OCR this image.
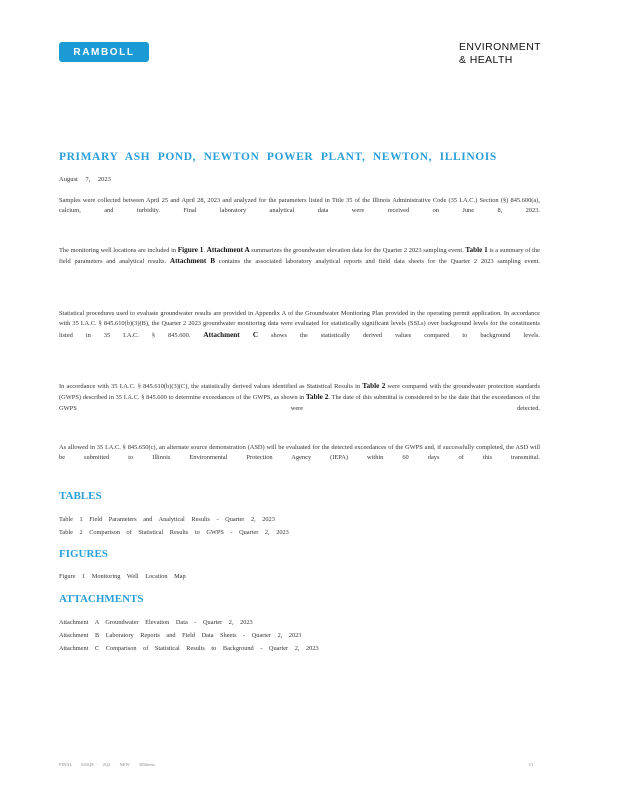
RAMBOLL	ENVIRONMENT
& HEALTH
PRIMARY ASH POND, NEWTON POWER PLANT, NEWTON, ILLINOIS
August 7, 2023
Samples were collected between April 25 and April 28, 2023 and analyzed for the parameters listed in Title 35 of the Illinois Administrative Code (35 I.A.C.) Section (§) 845.600(a), calcium, and turbidity. Final laboratory analytical data were received on June 8, 2023.
The monitoring well locations are included in Figure 1. Attachment A summarizes the groundwater elevation data for the Quarter 2 2023 sampling event. Table 1 is a summary of the field parameters and analytical results. Attachment B contains the associated laboratory analytical reports and field data sheets for the Quarter 2 2023 sampling event.
Statistical procedures used to evaluate groundwater results are provided in Appendix A of the Groundwater Monitoring Plan provided in the operating permit application. In accordance with 35 I.A.C. § 845.610(b)(3)(B), the Quarter 2 2023 groundwater monitoring data were evaluated for statistically significant levels (SSLs) over background levels for the constituents listed in 35 I.A.C. § 845.600. Attachment C shows the statistically derived values compared to background levels.
In accordance with 35 I.A.C. § 845.610(b)(3)(C), the statistically derived values identified as Statistical Results in Table 2 were compared with the groundwater protection standards (GWPS) described in 35 I.A.C. § 845.600 to determine exceedances of the GWPS, as shown in Table 2. The date of this submittal is considered to be the date that the exceedances of the GWPS were detected.
As allowed in 35 I.A.C. § 845.650(c), an alternate source demonstration (ASD) will be evaluated for the detected exceedances of the GWPS and, if successfully completed, the ASD will be submitted to Illinois Environmental Protection Agency (IEPA) within 60 days of this transmittal.
TABLES
Table 1 Field Parameters and Analytical Results - Quarter 2, 2023
Table 2 Comparison of Statistical Results to GWPS - Quarter 2, 2023
FIGURES
Figure 1 Monitoring Well Location Map
ATTACHMENTS
Attachment A Groundwater Elevation Data - Quarter 2, 2023
Attachment B Laboratory Reports and Field Data Sheets - Quarter 2, 2023
Attachment C Comparison of Statistical Results to Background - Quarter 2, 2023
FINAL 843Q8 2Q2 NEW 30Sheets	1/1
